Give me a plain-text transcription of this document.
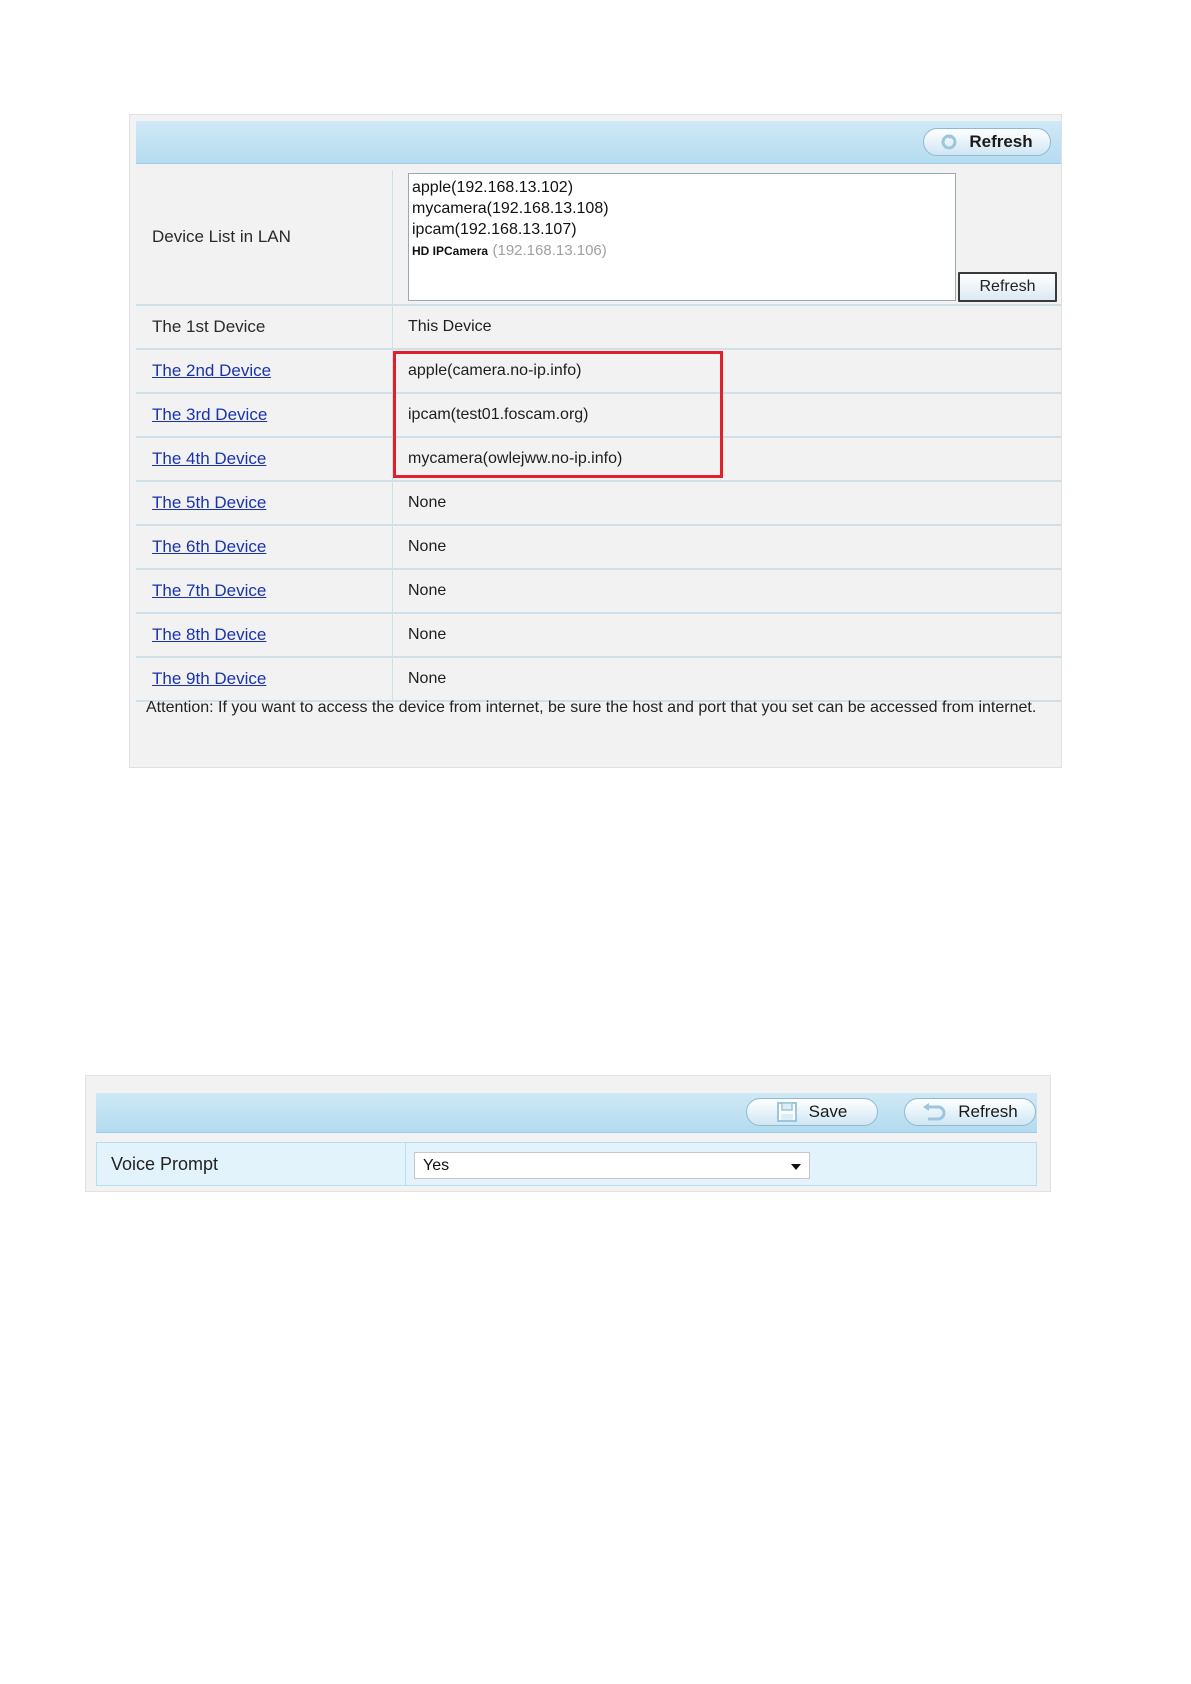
Refresh
Device List in LAN
apple(192.168.13.102)
mycamera(192.168.13.108)
ipcam(192.168.13.107)
HD IPCamera (192.168.13.106)
Refresh
The 1st Device	This Device
The 2nd Device	apple(camera.no-ip.info)
The 3rd Device	ipcam(test01.foscam.org)
The 4th Device	mycamera(owlejww.no-ip.info)
The 5th Device	None
The 6th Device	None
The 7th Device	None
The 8th Device	None
The 9th Device	None
Attention: If you want to access the device from internet, be sure the host and port that you set can be accessed from internet.
Save	Refresh
Voice Prompt	Yes
